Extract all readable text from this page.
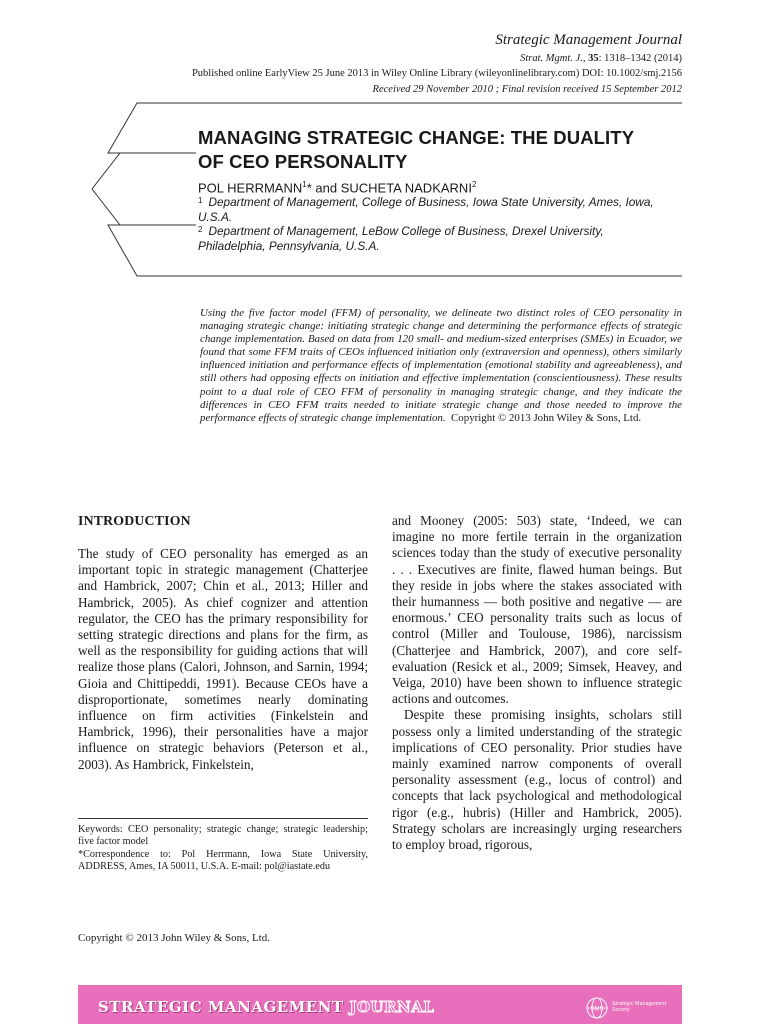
Strategic Management Journal
Strat. Mgmt. J., 35: 1318–1342 (2014)
Published online EarlyView 25 June 2013 in Wiley Online Library (wileyonlinelibrary.com) DOI: 10.1002/smj.2156
Received 29 November 2010 ; Final revision received 15 September 2012
MANAGING STRATEGIC CHANGE: THE DUALITY
OF CEO PERSONALITY
POL HERRMANN$^1$* and SUCHETA NADKARNI$^2$
$^1$ Department of Management, College of Business, Iowa State University, Ames, Iowa, U.S.A.
$^2$ Department of Management, LeBow College of Business, Drexel University, Philadelphia, Pennsylvania, U.S.A.
Using the five factor model (FFM) of personality, we delineate two distinct roles of CEO personality in managing strategic change: initiating strategic change and determining the performance effects of strategic change implementation. Based on data from 120 small- and medium-sized enterprises (SMEs) in Ecuador, we found that some FFM traits of CEOs influenced initiation only (extraversion and openness), others similarly influenced initiation and performance effects of implementation (emotional stability and agreeableness), and still others had opposing effects on initiation and effective implementation (conscientiousness). These results point to a dual role of CEO FFM of personality in managing strategic change, and they indicate the differences in CEO FFM traits needed to initiate strategic change and those needed to improve the performance effects of strategic change implementation. Copyright © 2013 John Wiley & Sons, Ltd.
INTRODUCTION

The study of CEO personality has emerged as an important topic in strategic management (Chatterjee and Hambrick, 2007; Chin et al., 2013; Hiller and Hambrick, 2005). As chief cognizer and attention regulator, the CEO has the primary responsibility for setting strategic directions and plans for the firm, as well as the responsibility for guiding actions that will realize those plans (Calori, Johnson, and Sarnin, 1994; Gioia and Chittipeddi, 1991). Because CEOs have a disproportionate, sometimes nearly dominating influence on firm activities (Finkelstein and Hambrick, 1996), their personalities have a major influence on strategic behaviors (Peterson et al., 2003). As Hambrick, Finkelstein,

and Mooney (2005: 503) state, ‘Indeed, we can imagine no more fertile terrain in the organization sciences today than the study of executive personality . . . Executives are finite, flawed human beings. But they reside in jobs where the stakes associated with their humanness — both positive and negative — are enormous.’ CEO personality traits such as locus of control (Miller and Toulouse, 1986), narcissism (Chatterjee and Hambrick, 2007), and core self-evaluation (Resick et al., 2009; Simsek, Heavey, and Veiga, 2010) have been shown to influence strategic actions and outcomes.

Despite these promising insights, scholars still possess only a limited understanding of the strategic implications of CEO personality. Prior studies have mainly examined narrow components of overall personality assessment (e.g., locus of control) and concepts that lack psychological and methodological rigor (e.g., hubris) (Hiller and Hambrick, 2005). Strategy scholars are increasingly urging researchers to employ broad, rigorous,

Keywords: CEO personality; strategic change; strategic leadership; five factor model
*Correspondence to: Pol Herrmann, Iowa State University, ADDRESS, Ames, IA 50011, U.S.A. E-mail: pol@iastate.edu
Copyright © 2013 John Wiley & Sons, Ltd.
STRATEGIC MANAGEMENT JOURNAL	SMS
Strategic Management Society
